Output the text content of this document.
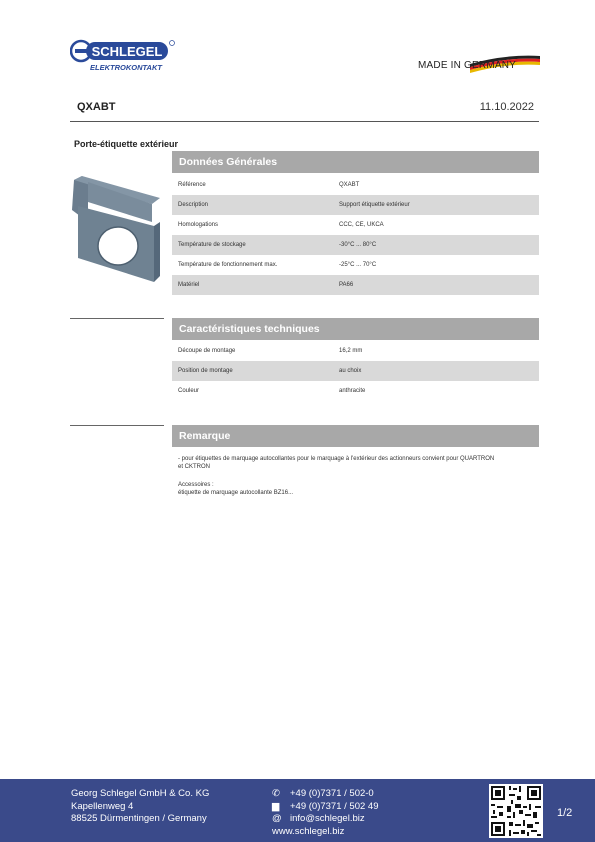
SCHLEGEL
ELEKTROKONTAKT	MADE IN GERMANY
QXABT	11.10.2022
Porte-étiquette extérieur
Données Générales
Référence	QXABT
Description	Support étiquette extérieur
Homologations	CCC, CE, UKCA
Température de stockage	-30°C ... 80°C
Température de fonctionnement max.	-25°C ... 70°C
Matériel	PA66
Caractéristiques techniques
Découpe de montage	16,2 mm
Position de montage	au choix
Couleur	anthracite
Remarque
- pour étiquettes de marquage autocollantes pour le marquage à l'extérieur des actionneurs convient pour QUARTRON
et CKTRON
Accessoires :
étiquette de marquage autocollante BZ16...
Georg Schlegel GmbH & Co. KG
Kapellenweg 4
88525 Dürmentingen / Germany
✆ +49 (0)7371 / 502-0
▆ +49 (0)7371 / 502 49
@ info@schlegel.biz
www.schlegel.biz
1/2
